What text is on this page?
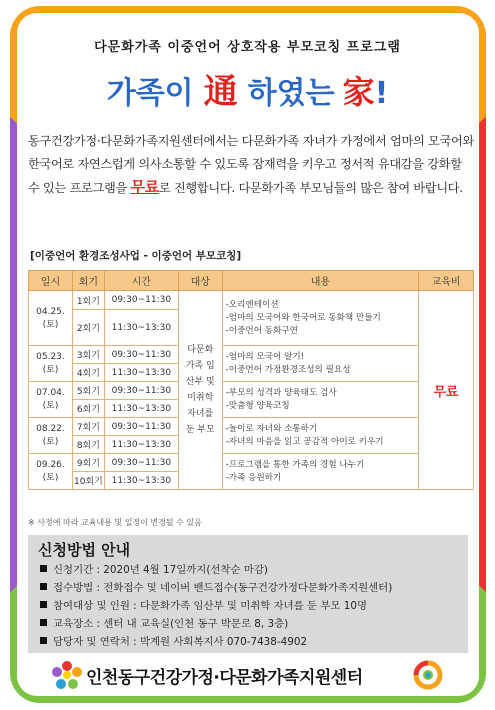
다문화가족 이중언어 상호작용 부모코칭 프로그램
가족이 通 하였는 家!
동구건강가정·다문화가족지원센터에서는 다문화가족 자녀가 가정에서 엄마의 모국어와 한국어로 자연스럽게 의사소통할 수 있도록 잠재력을 키우고 정서적 유대감을 강화할 수 있는 프로그램을 무료로 진행합니다. 다문화가족 부모님들의 많은 참여 바랍니다.
[이중언어 환경조성사업 - 이중언어 부모코칭]
일시	회기	시간	대상	내용	교육비
04.25.(토)	1회기	09:30~11:30	다문화 가족 임산부 및 미취학 자녀를 둔 부모	-오리엔테이션
-엄마의 모국어와 한국어로 동화책 만들기
-이중언어 동화구연	무료
	2회기	11:30~13:30			
05.23.(토)	3회기	09:30~11:30		-엄마의 모국어 알기!
-이중언어 가정환경조성의 필요성	

	4회기	11:30~13:30			
07.04.(토)	5회기	09:30~11:30		-부모의 성격과 양육태도 검사
-맞춤형 양육코칭	

	6회기	11:30~13:30			
08.22.(토)	7회기	09:30~11:30		-놀이로 자녀와 소통하기
-자녀의 마음을 읽고 공감적 아이로 키우기	

	8회기	11:30~13:30			
09.26.(토)	9회기	09:30~11:30		-프로그램을 통한 가족의 경험 나누기
-가족 응원하기	

	10회기	11:30~13:30			
※ 사정에 따라 교육내용 및 일정이 변경될 수 있음
신청방법 안내
신청기간 : 2020년 4월 17일까지(선착순 마감)
접수방법 : 전화접수 및 네이버 밴드접수(동구건강가정다문화가족지원센터)
참여대상 및 인원 : 다문화가족 임산부 및 미취학 자녀를 둔 부모 10명
교육장소 : 센터 내 교육실(인천 동구 박문로 8, 3층)
담당자 및 연락처 : 박계원 사회복지사 070-7438-4902
인천동구건강가정·다문화가족지원센터
